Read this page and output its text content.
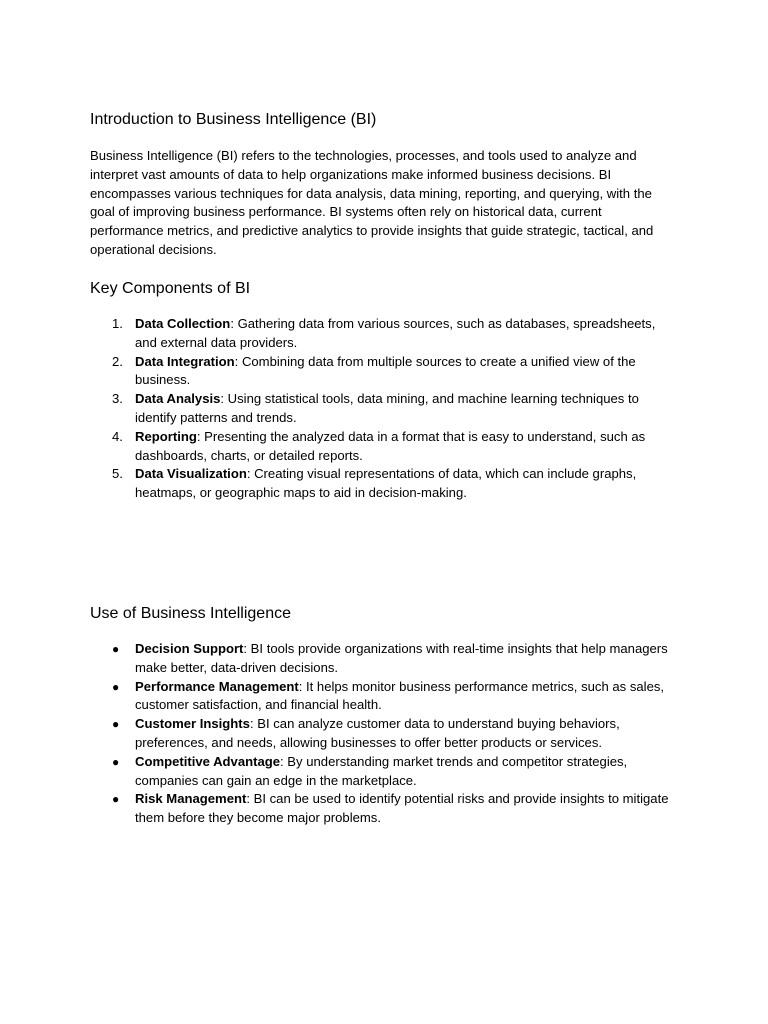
Introduction to Business Intelligence (BI)

Business Intelligence (BI) refers to the technologies, processes, and tools used to analyze and interpret vast amounts of data to help organizations make informed business decisions. BI encompasses various techniques for data analysis, data mining, reporting, and querying, with the goal of improving business performance. BI systems often rely on historical data, current performance metrics, and predictive analytics to provide insights that guide strategic, tactical, and operational decisions.

Key Components of BI
1. Data Collection: Gathering data from various sources, such as databases, spreadsheets, and external data providers.
2. Data Integration: Combining data from multiple sources to create a unified view of the business.
3. Data Analysis: Using statistical tools, data mining, and machine learning techniques to identify patterns and trends.
4. Reporting: Presenting the analyzed data in a format that is easy to understand, such as dashboards, charts, or detailed reports.
5. Data Visualization: Creating visual representations of data, which can include graphs, heatmaps, or geographic maps to aid in decision-making.
Use of Business Intelligence
●	Decision Support: BI tools provide organizations with real-time insights that help managers make better, data-driven decisions.
●	Performance Management: It helps monitor business performance metrics, such as sales, customer satisfaction, and financial health.
●	Customer Insights: BI can analyze customer data to understand buying behaviors, preferences, and needs, allowing businesses to offer better products or services.
●	Competitive Advantage: By understanding market trends and competitor strategies, companies can gain an edge in the marketplace.
●	Risk Management: BI can be used to identify potential risks and provide insights to mitigate them before they become major problems.
